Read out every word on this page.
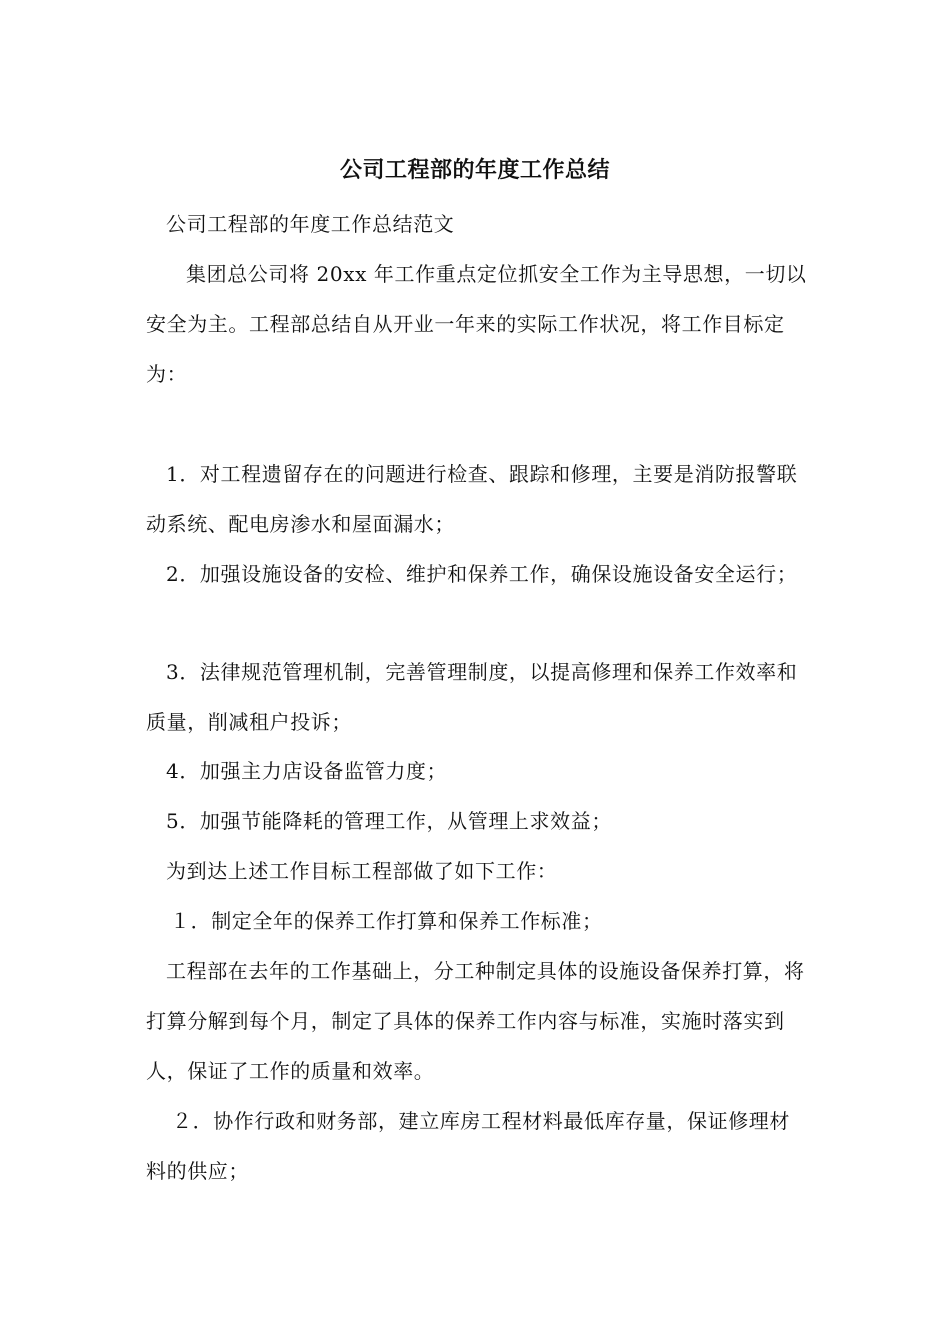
公司工程部的年度工作总结
公司工程部的年度工作总结范文
集团总公司将 20xx 年工作重点定位抓安全工作为主导思想，一切以安全为主。工程部总结自从开业一年来的实际工作状况，将工作目标定为：
1．对工程遗留存在的问题进行检查、跟踪和修理，主要是消防报警联动系统、配电房渗水和屋面漏水；
2．加强设施设备的安检、维护和保养工作，确保设施设备安全运行；
3．法律规范管理机制，完善管理制度，以提高修理和保养工作效率和质量，削减租户投诉；
4．加强主力店设备监管力度；
5．加强节能降耗的管理工作，从管理上求效益；
为到达上述工作目标工程部做了如下工作：
１．制定全年的保养工作打算和保养工作标准；
工程部在去年的工作基础上，分工种制定具体的设施设备保养打算，将打算分解到每个月，制定了具体的保养工作内容与标准，实施时落实到人，保证了工作的质量和效率。
２．协作行政和财务部，建立库房工程材料最低库存量，保证修理材料的供应；
